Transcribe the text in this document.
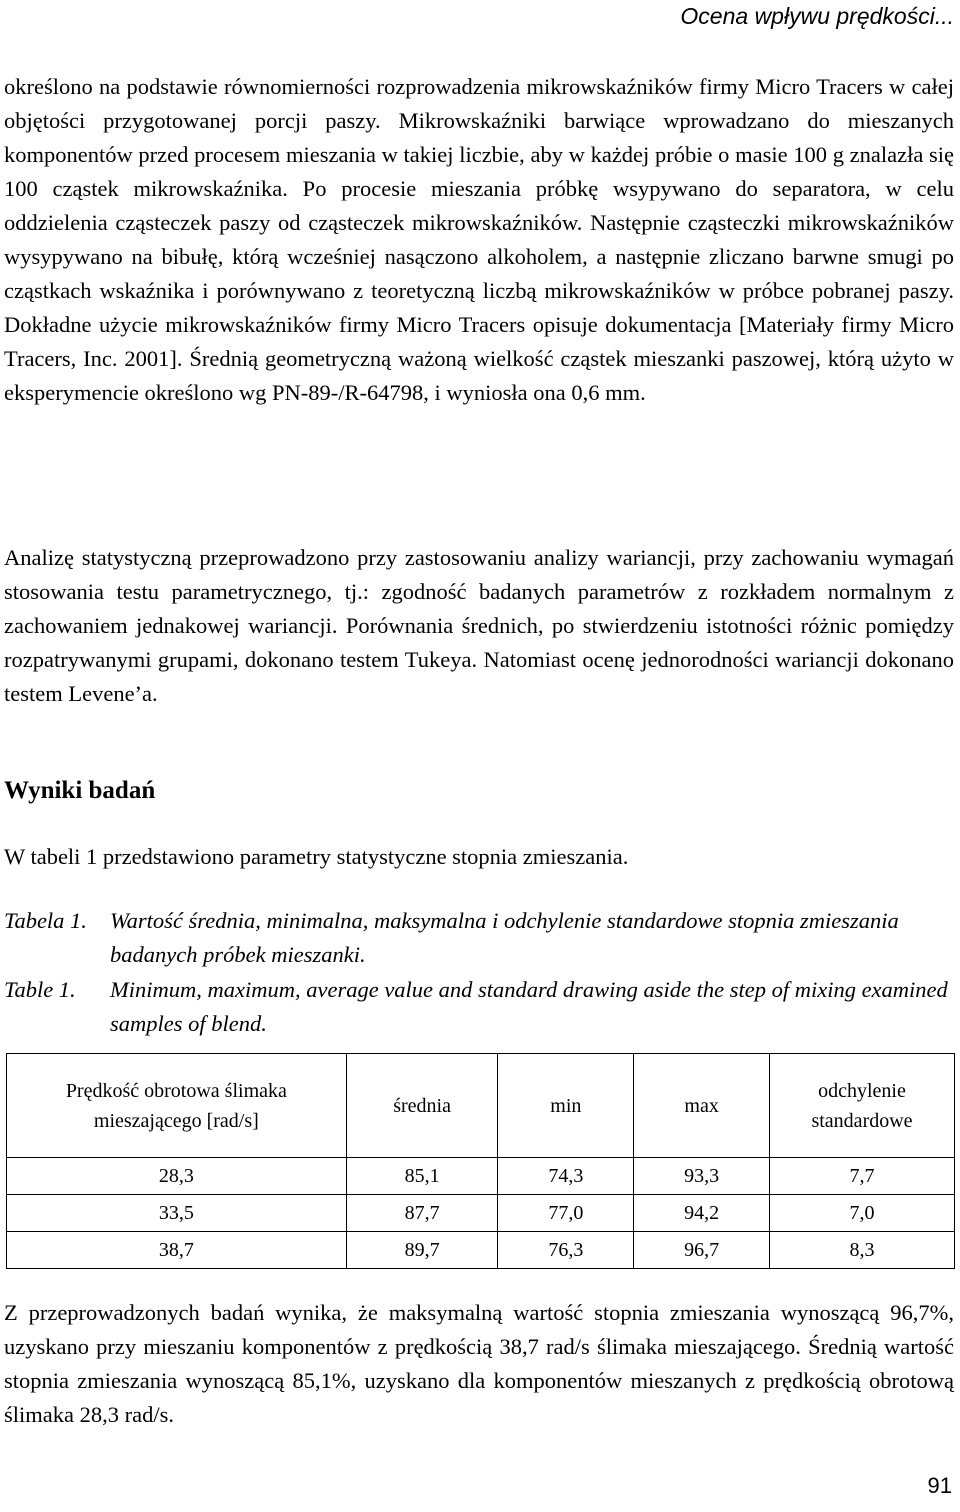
Ocena wpływu prędkości...

określono na podstawie równomierności rozprowadzenia mikrowskaźników firmy Micro Tracers w całej objętości przygotowanej porcji paszy. Mikrowskaźniki barwiące wprowadzano do mieszanych komponentów przed procesem mieszania w takiej liczbie, aby w każdej próbie o masie 100 g znalazła się 100 cząstek mikrowskaźnika. Po procesie mieszania próbkę wsypywano do separatora, w celu oddzielenia cząsteczek paszy od cząsteczek mikrowskaźników. Następnie cząsteczki mikrowskaźników wysypywano na bibułę, którą wcześniej nasączono alkoholem, a następnie zliczano barwne smugi po cząstkach wskaźnika i porównywano z teoretyczną liczbą mikrowskaźników w próbce pobranej paszy. Dokładne użycie mikrowskaźników firmy Micro Tracers opisuje dokumentacja [Materiały firmy Micro Tracers, Inc. 2001]. Średnią geometryczną ważoną wielkość cząstek mieszanki paszowej, którą użyto w eksperymencie określono wg PN-89-/R-64798, i wyniosła ona 0,6 mm.

Analizę statystyczną przeprowadzono przy zastosowaniu analizy wariancji, przy zachowaniu wymagań stosowania testu parametrycznego, tj.: zgodność badanych parametrów z rozkładem normalnym z zachowaniem jednakowej wariancji. Porównania średnich, po stwierdzeniu istotności różnic pomiędzy rozpatrywanymi grupami, dokonano testem Tukeya. Natomiast ocenę jednorodności wariancji dokonano testem Levene’a.

Wyniki badań

W tabeli 1 przedstawiono parametry statystyczne stopnia zmieszania.

Tabela 1. Wartość średnia, minimalna, maksymalna i odchylenie standardowe stopnia zmieszania badanych próbek mieszanki.
Table 1. Minimum, maximum, average value and standard drawing aside the step of mixing examined samples of blend.
Prędkość obrotowa ślimaka mieszającego [rad/s]	średnia	min	max	odchylenie standardowe
28,3	85,1	74,3	93,3	7,7
33,5	87,7	77,0	94,2	7,0
38,7	89,7	76,3	96,7	8,3

Z przeprowadzonych badań wynika, że maksymalną wartość stopnia zmieszania wynoszącą 96,7%, uzyskano przy mieszaniu komponentów z prędkością 38,7 rad/s ślimaka mieszającego. Średnią wartość stopnia zmieszania wynoszącą 85,1%, uzyskano dla komponentów mieszanych z prędkością obrotową ślimaka 28,3 rad/s.

91
